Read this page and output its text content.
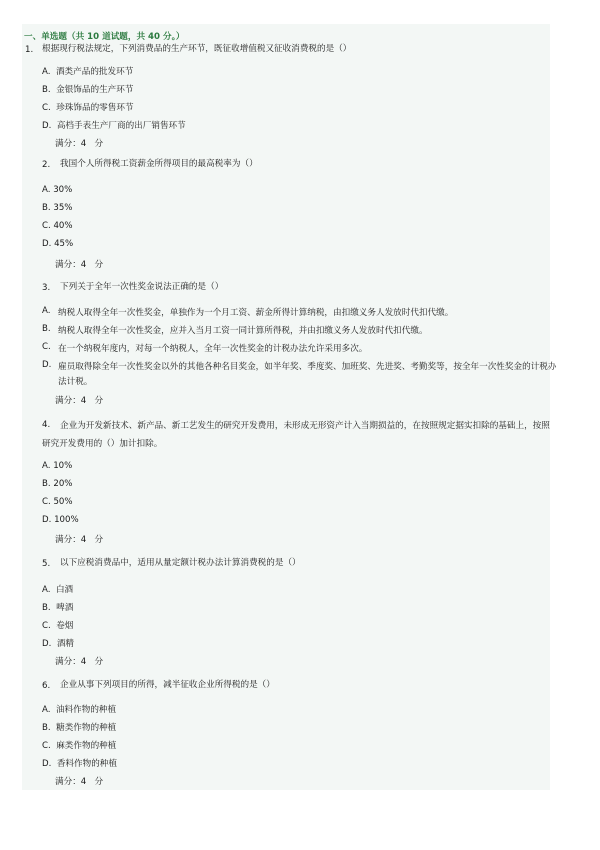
一、单选题（共 10 道试题，共 40 分。）
1. 根据现行税法规定，下列消费品的生产环节，既征收增值税又征收消费税的是（）
A. 酒类产品的批发环节
B. 金银饰品的生产环节
C. 珍珠饰品的零售环节
D. 高档手表生产厂商的出厂销售环节
满分：4 分
2. 我国个人所得税工资薪金所得项目的最高税率为（）
A. 30%
B. 35%
C. 40%
D. 45%
满分：4 分
3. 下列关于全年一次性奖金说法正确的是（）
A. 纳税人取得全年一次性奖金，单独作为一个月工资、薪金所得计算纳税，由扣缴义务人发放时代扣代缴。
B. 纳税人取得全年一次性奖金，应并入当月工资一同计算所得税，并由扣缴义务人发放时代扣代缴。
C. 在一个纳税年度内，对每一个纳税人，全年一次性奖金的计税办法允许采用多次。
D. 雇员取得除全年一次性奖金以外的其他各种名目奖金，如半年奖、季度奖、加班奖、先进奖、考勤奖等，按全年一次性奖金的计税办法计税。
满分：4 分
4.	企业为开发新技术、新产品、新工艺发生的研究开发费用，未形成无形资产计入当期损益的，在按照规定据实扣除的基础上，按照研究开发费用的（）加计扣除。
A. 10%
B. 20%
C. 50%
D. 100%
满分：4 分
5. 以下应税消费品中，适用从量定额计税办法计算消费税的是（）
A. 白酒
B. 啤酒
C. 卷烟
D. 酒精
满分：4 分
6. 企业从事下列项目的所得，减半征收企业所得税的是（）
A. 油料作物的种植
B. 糖类作物的种植
C. 麻类作物的种植
D. 香料作物的种植
满分：4 分
